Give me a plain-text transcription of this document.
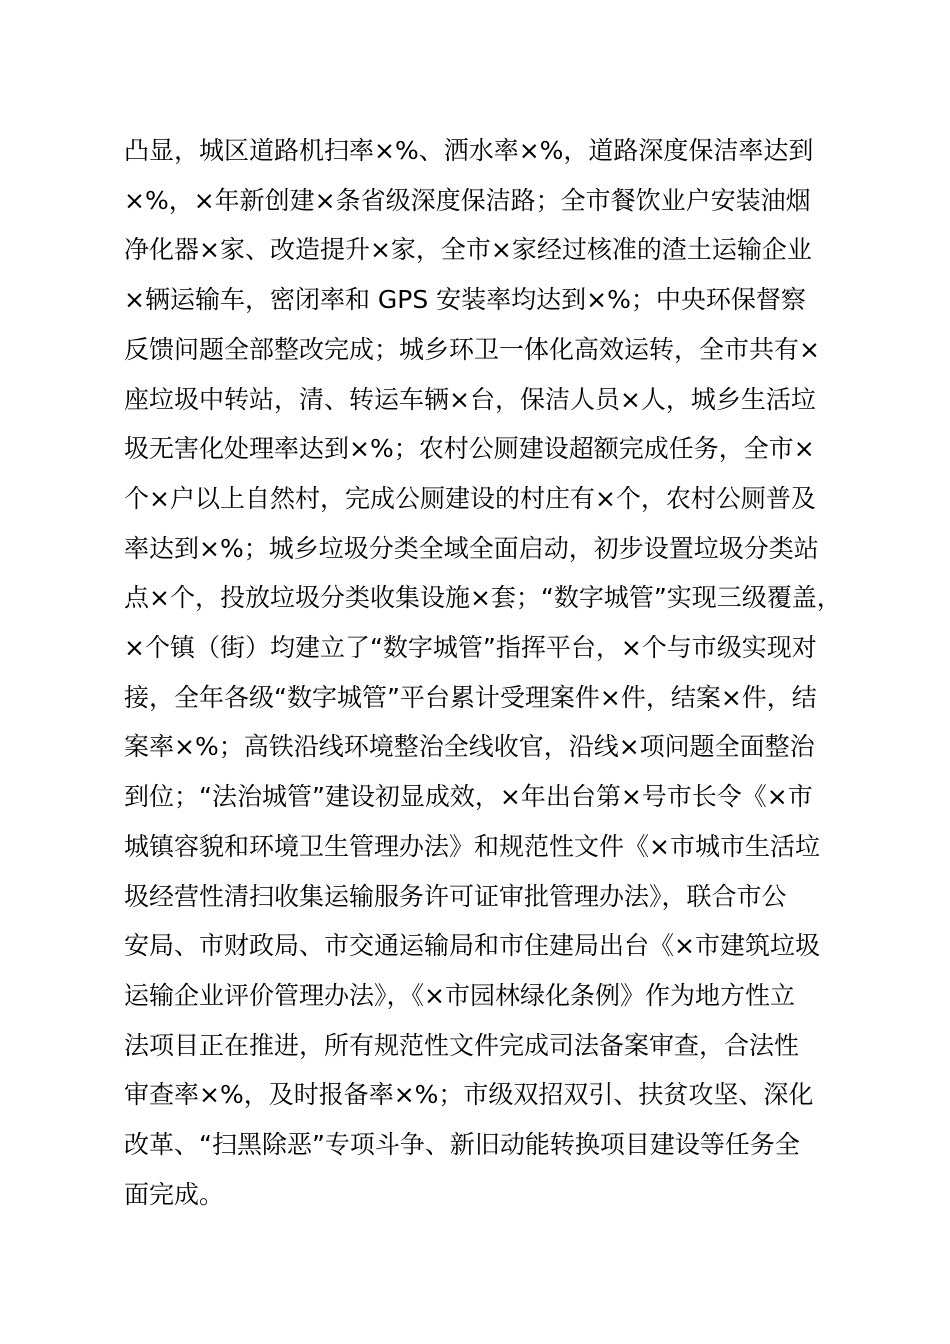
凸显，城区道路机扫率×%、洒水率×%，道路深度保洁率达到
×%，×年新创建×条省级深度保洁路；全市餐饮业户安装油烟
净化器×家、改造提升×家，全市×家经过核准的渣土运输企业
×辆运输车，密闭率和 GPS 安装率均达到×%；中央环保督察
反馈问题全部整改完成；城乡环卫一体化高效运转，全市共有×
座垃圾中转站，清、转运车辆×台，保洁人员×人，城乡生活垃
圾无害化处理率达到×%；农村公厕建设超额完成任务，全市×
个×户以上自然村，完成公厕建设的村庄有×个，农村公厕普及
率达到×%；城乡垃圾分类全域全面启动，初步设置垃圾分类站
点×个，投放垃圾分类收集设施×套；“数字城管”实现三级覆盖，
×个镇（街）均建立了“数字城管”指挥平台，×个与市级实现对
接，全年各级“数字城管”平台累计受理案件×件，结案×件，结
案率×%；高铁沿线环境整治全线收官，沿线×项问题全面整治
到位；“法治城管”建设初显成效，×年出台第×号市长令《×市
城镇容貌和环境卫生管理办法》和规范性文件《×市城市生活垃
圾经营性清扫收集运输服务许可证审批管理办法》，联合市公
安局、市财政局、市交通运输局和市住建局出台《×市建筑垃圾
运输企业评价管理办法》，《×市园林绿化条例》作为地方性立
法项目正在推进，所有规范性文件完成司法备案审查，合法性
审查率×%，及时报备率×%；市级双招双引、扶贫攻坚、深化
改革、“扫黑除恶”专项斗争、新旧动能转换项目建设等任务全
面完成。
